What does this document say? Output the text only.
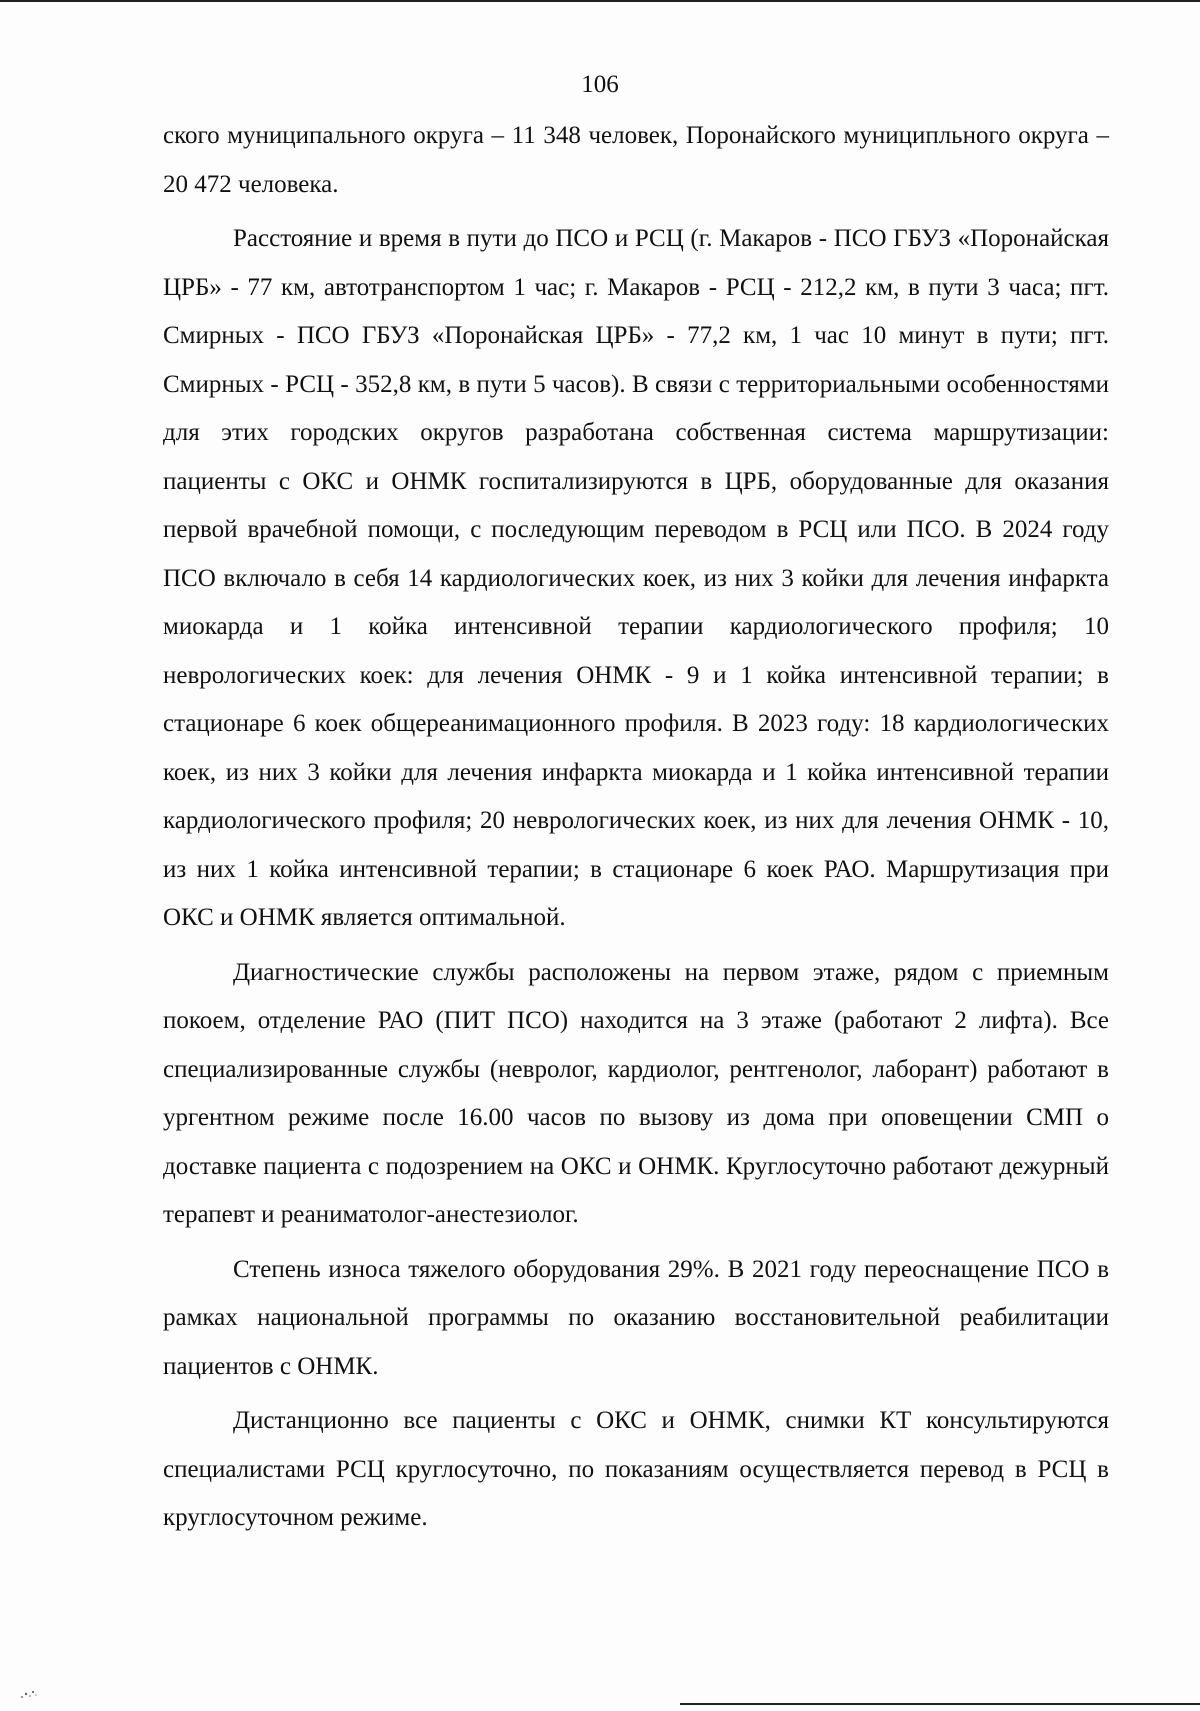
106

ского муниципального округа – 11 348 человек, Поронайского муниципльного округа – 20 472 человека.

Расстояние и время в пути до ПСО и РСЦ (г. Макаров - ПСО ГБУЗ «Поронайская ЦРБ» - 77 км, автотранспортом 1 час; г. Макаров - РСЦ - 212,2 км, в пути 3 часа; пгт. Смирных - ПСО ГБУЗ «Поронайская ЦРБ» - 77,2 км, 1 час 10 минут в пути; пгт. Смирных - РСЦ - 352,8 км, в пути 5 часов). В связи с территориальными особенностями для этих городских округов разработана собственная система маршрутизации: пациенты с ОКС и ОНМК госпитализируются в ЦРБ, оборудованные для оказания первой врачебной помощи, с последующим переводом в РСЦ или ПСО. В 2024 году ПСО включало в себя 14 кардиологических коек, из них 3 койки для лечения инфаркта миокарда и 1 койка интенсивной терапии кардиологического профиля; 10 неврологических коек: для лечения ОНМК - 9 и 1 койка интенсивной терапии; в стационаре 6 коек общереанимационного профиля. В 2023 году: 18 кардиологических коек, из них 3 койки для лечения инфаркта миокарда и 1 койка интенсивной терапии кардиологического профиля; 20 неврологических коек, из них для лечения ОНМК - 10, из них 1 койка интенсивной терапии; в стационаре 6 коек РАО. Маршрутизация при ОКС и ОНМК является оптимальной.

Диагностические службы расположены на первом этаже, рядом с приемным покоем, отделение РАО (ПИТ ПСО) находится на 3 этаже (работают 2 лифта). Все специализированные службы (невролог, кардиолог, рентгенолог, лаборант) работают в ургентном режиме после 16.00 часов по вызову из дома при оповещении СМП о доставке пациента с подозрением на ОКС и ОНМК. Круглосуточно работают дежурный терапевт и реаниматолог-анестезиолог.

Степень износа тяжелого оборудования 29%. В 2021 году переоснащение ПСО в рамках национальной программы по оказанию восстановительной реабилитации пациентов с ОНМК.

Дистанционно все пациенты с ОКС и ОНМК, снимки КТ консультируются специалистами РСЦ круглосуточно, по показаниям осуществляется перевод в РСЦ в круглосуточном режиме.
